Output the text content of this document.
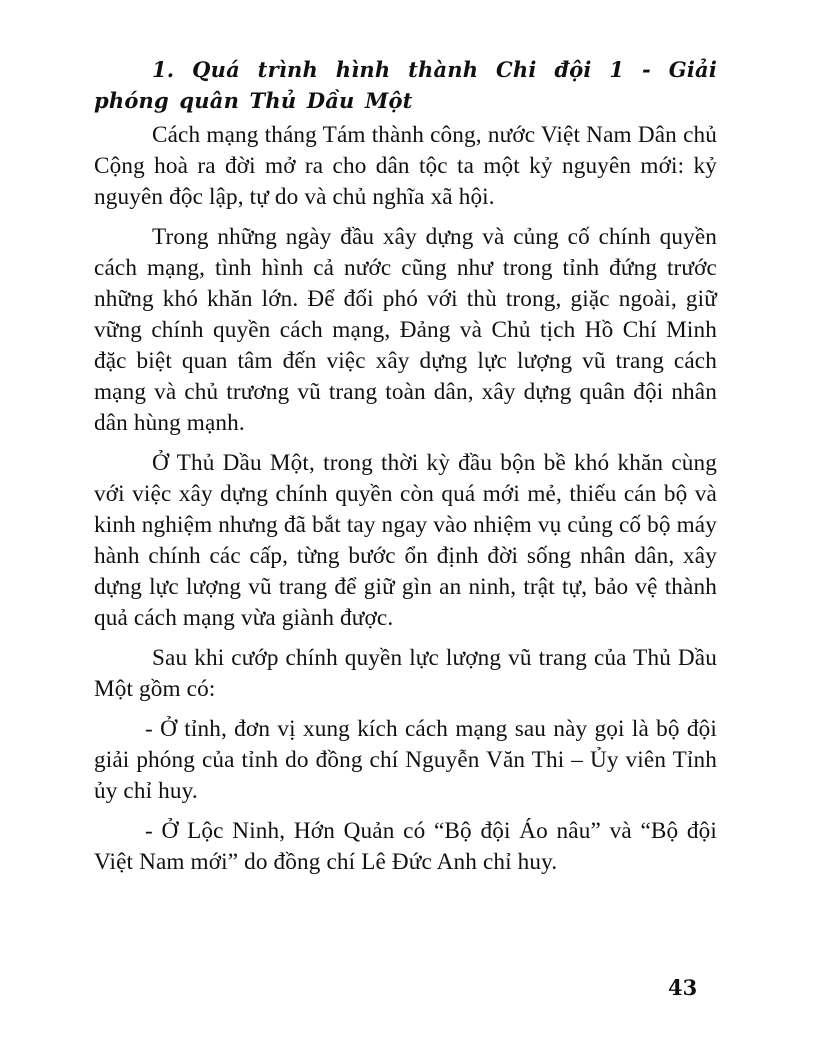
1. Quá trình hình thành Chi đội 1 - Giải phóng quân Thủ Dầu Một

Cách mạng tháng Tám thành công, nước Việt Nam Dân chủ Cộng hoà ra đời mở ra cho dân tộc ta một kỷ nguyên mới: kỷ nguyên độc lập, tự do và chủ nghĩa xã hội.

Trong những ngày đầu xây dựng và củng cố chính quyền cách mạng, tình hình cả nước cũng như trong tỉnh đứng trước những khó khăn lớn. Để đối phó với thù trong, giặc ngoài, giữ vững chính quyền cách mạng, Đảng và Chủ tịch Hồ Chí Minh đặc biệt quan tâm đến việc xây dựng lực lượng vũ trang cách mạng và chủ trương vũ trang toàn dân, xây dựng quân đội nhân dân hùng mạnh.

Ở Thủ Dầu Một, trong thời kỳ đầu bộn bề khó khăn cùng với việc xây dựng chính quyền còn quá mới mẻ, thiếu cán bộ và kinh nghiệm nhưng đã bắt tay ngay vào nhiệm vụ củng cố bộ máy hành chính các cấp, từng bước ổn định đời sống nhân dân, xây dựng lực lượng vũ trang để giữ gìn an ninh, trật tự, bảo vệ thành quả cách mạng vừa giành được.

Sau khi cướp chính quyền lực lượng vũ trang của Thủ Dầu Một gồm có:

- Ở tỉnh, đơn vị xung kích cách mạng sau này gọi là bộ đội giải phóng của tỉnh do đồng chí Nguyễn Văn Thi – Ủy viên Tỉnh ủy chỉ huy.

- Ở Lộc Ninh, Hớn Quản có “Bộ đội Áo nâu” và “Bộ đội Việt Nam mới” do đồng chí Lê Đức Anh chỉ huy.

43
